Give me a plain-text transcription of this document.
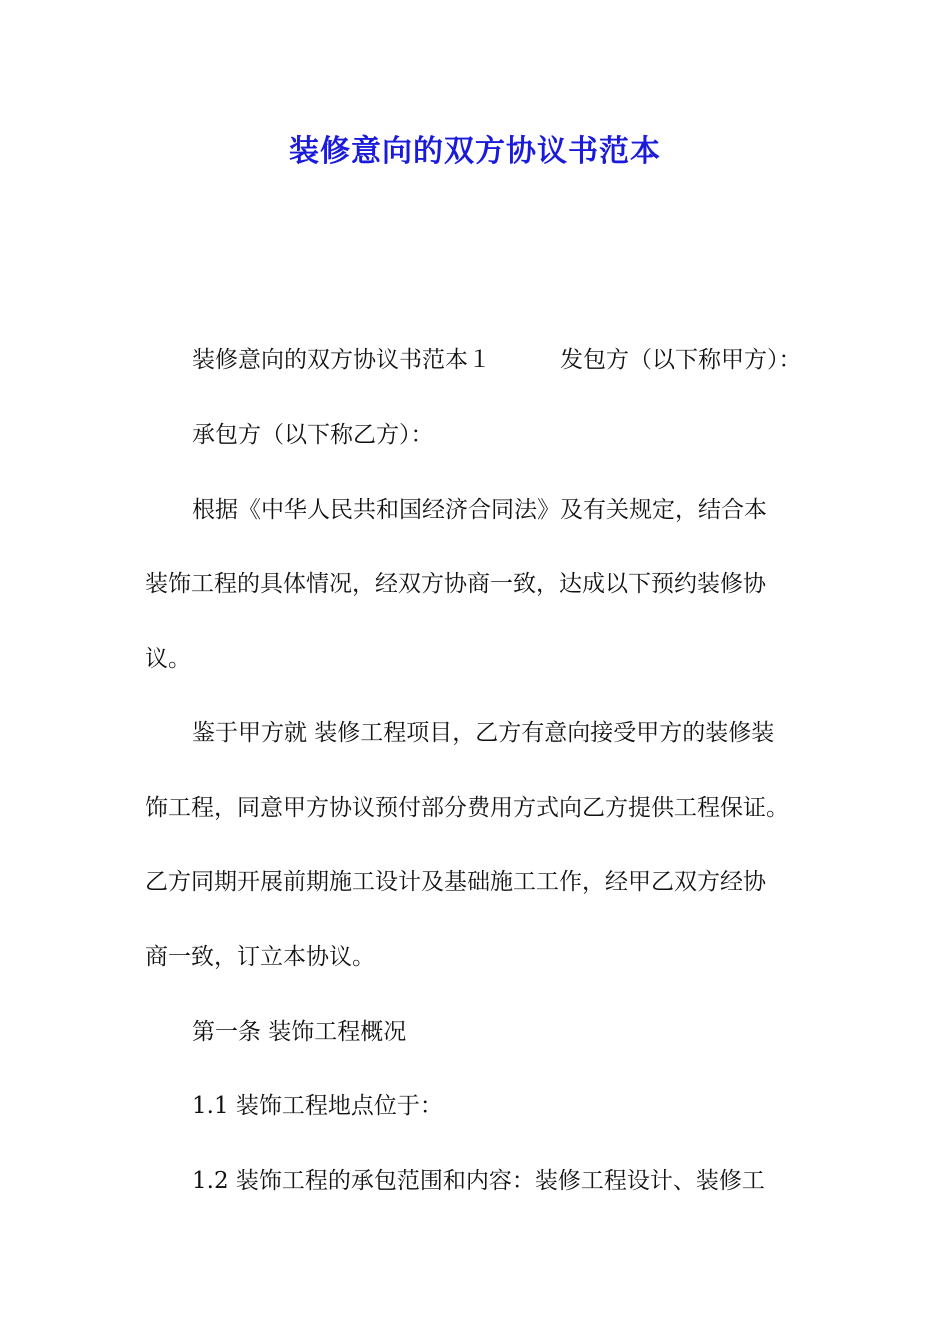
装修意向的双方协议书范本
装修意向的双方协议书范本１　　　发包方（以下称甲方）：
承包方（以下称乙方）：
根据《中华人民共和国经济合同法》及有关规定，结合本
装饰工程的具体情况，经双方协商一致，达成以下预约装修协
议。
鉴于甲方就 装修工程项目，乙方有意向接受甲方的装修装
饰工程，同意甲方协议预付部分费用方式向乙方提供工程保证。
乙方同期开展前期施工设计及基础施工工作，经甲乙双方经协
商一致，订立本协议。
第一条 装饰工程概况
1.1 装饰工程地点位于：
1.2 装饰工程的承包范围和内容：装修工程设计、装修工
